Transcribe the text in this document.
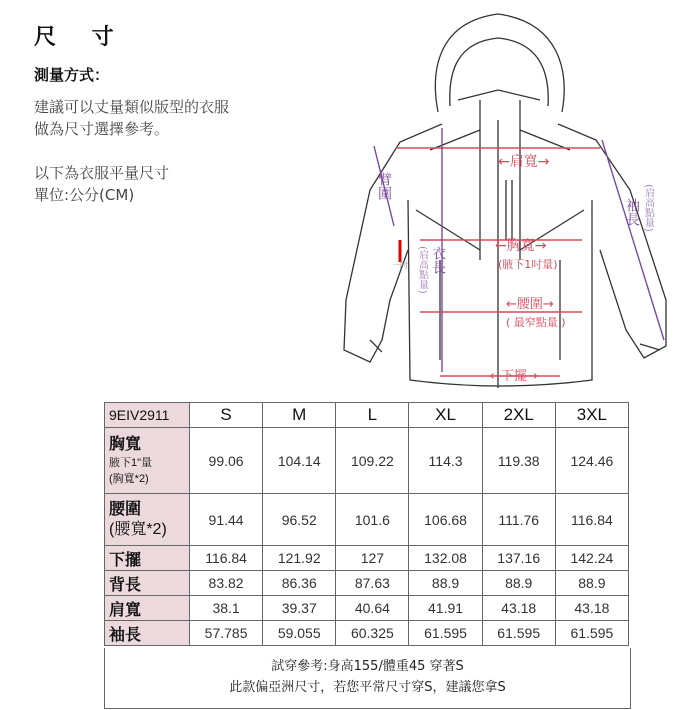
尺 寸
測量方式：
建議可以丈量類似版型的衣服
做為尺寸選擇參考。
以下為衣服平量尺寸
單位:公分(CM)
←肩寬→
←胸寬→
(腋下1吋量)
←腰圍→
( 最窄點量 )
←下擺→
臂圍
一吋 衣長
(肩高點量)
袖長 (肩高點量)
9EIV2911	S	M	L	XL	2XL	3XL

胸寬
腋下1"量
(胸寬*2)	99.06	104.14	109.22	114.3	119.38	124.46

腰圍
(腰寬*2)	91.44	96.52	101.6	106.68	111.76	116.84
下擺	116.84	121.92	127	132.08	137.16	142.24
背長	83.82	86.36	87.63	88.9	88.9	88.9
肩寬	38.1	39.37	40.64	41.91	43.18	43.18
袖長	57.785	59.055	60.325	61.595	61.595	61.595
試穿參考:身高155/體重45 穿著S
此款偏亞洲尺寸，若您平常尺寸穿S，建議您拿S
